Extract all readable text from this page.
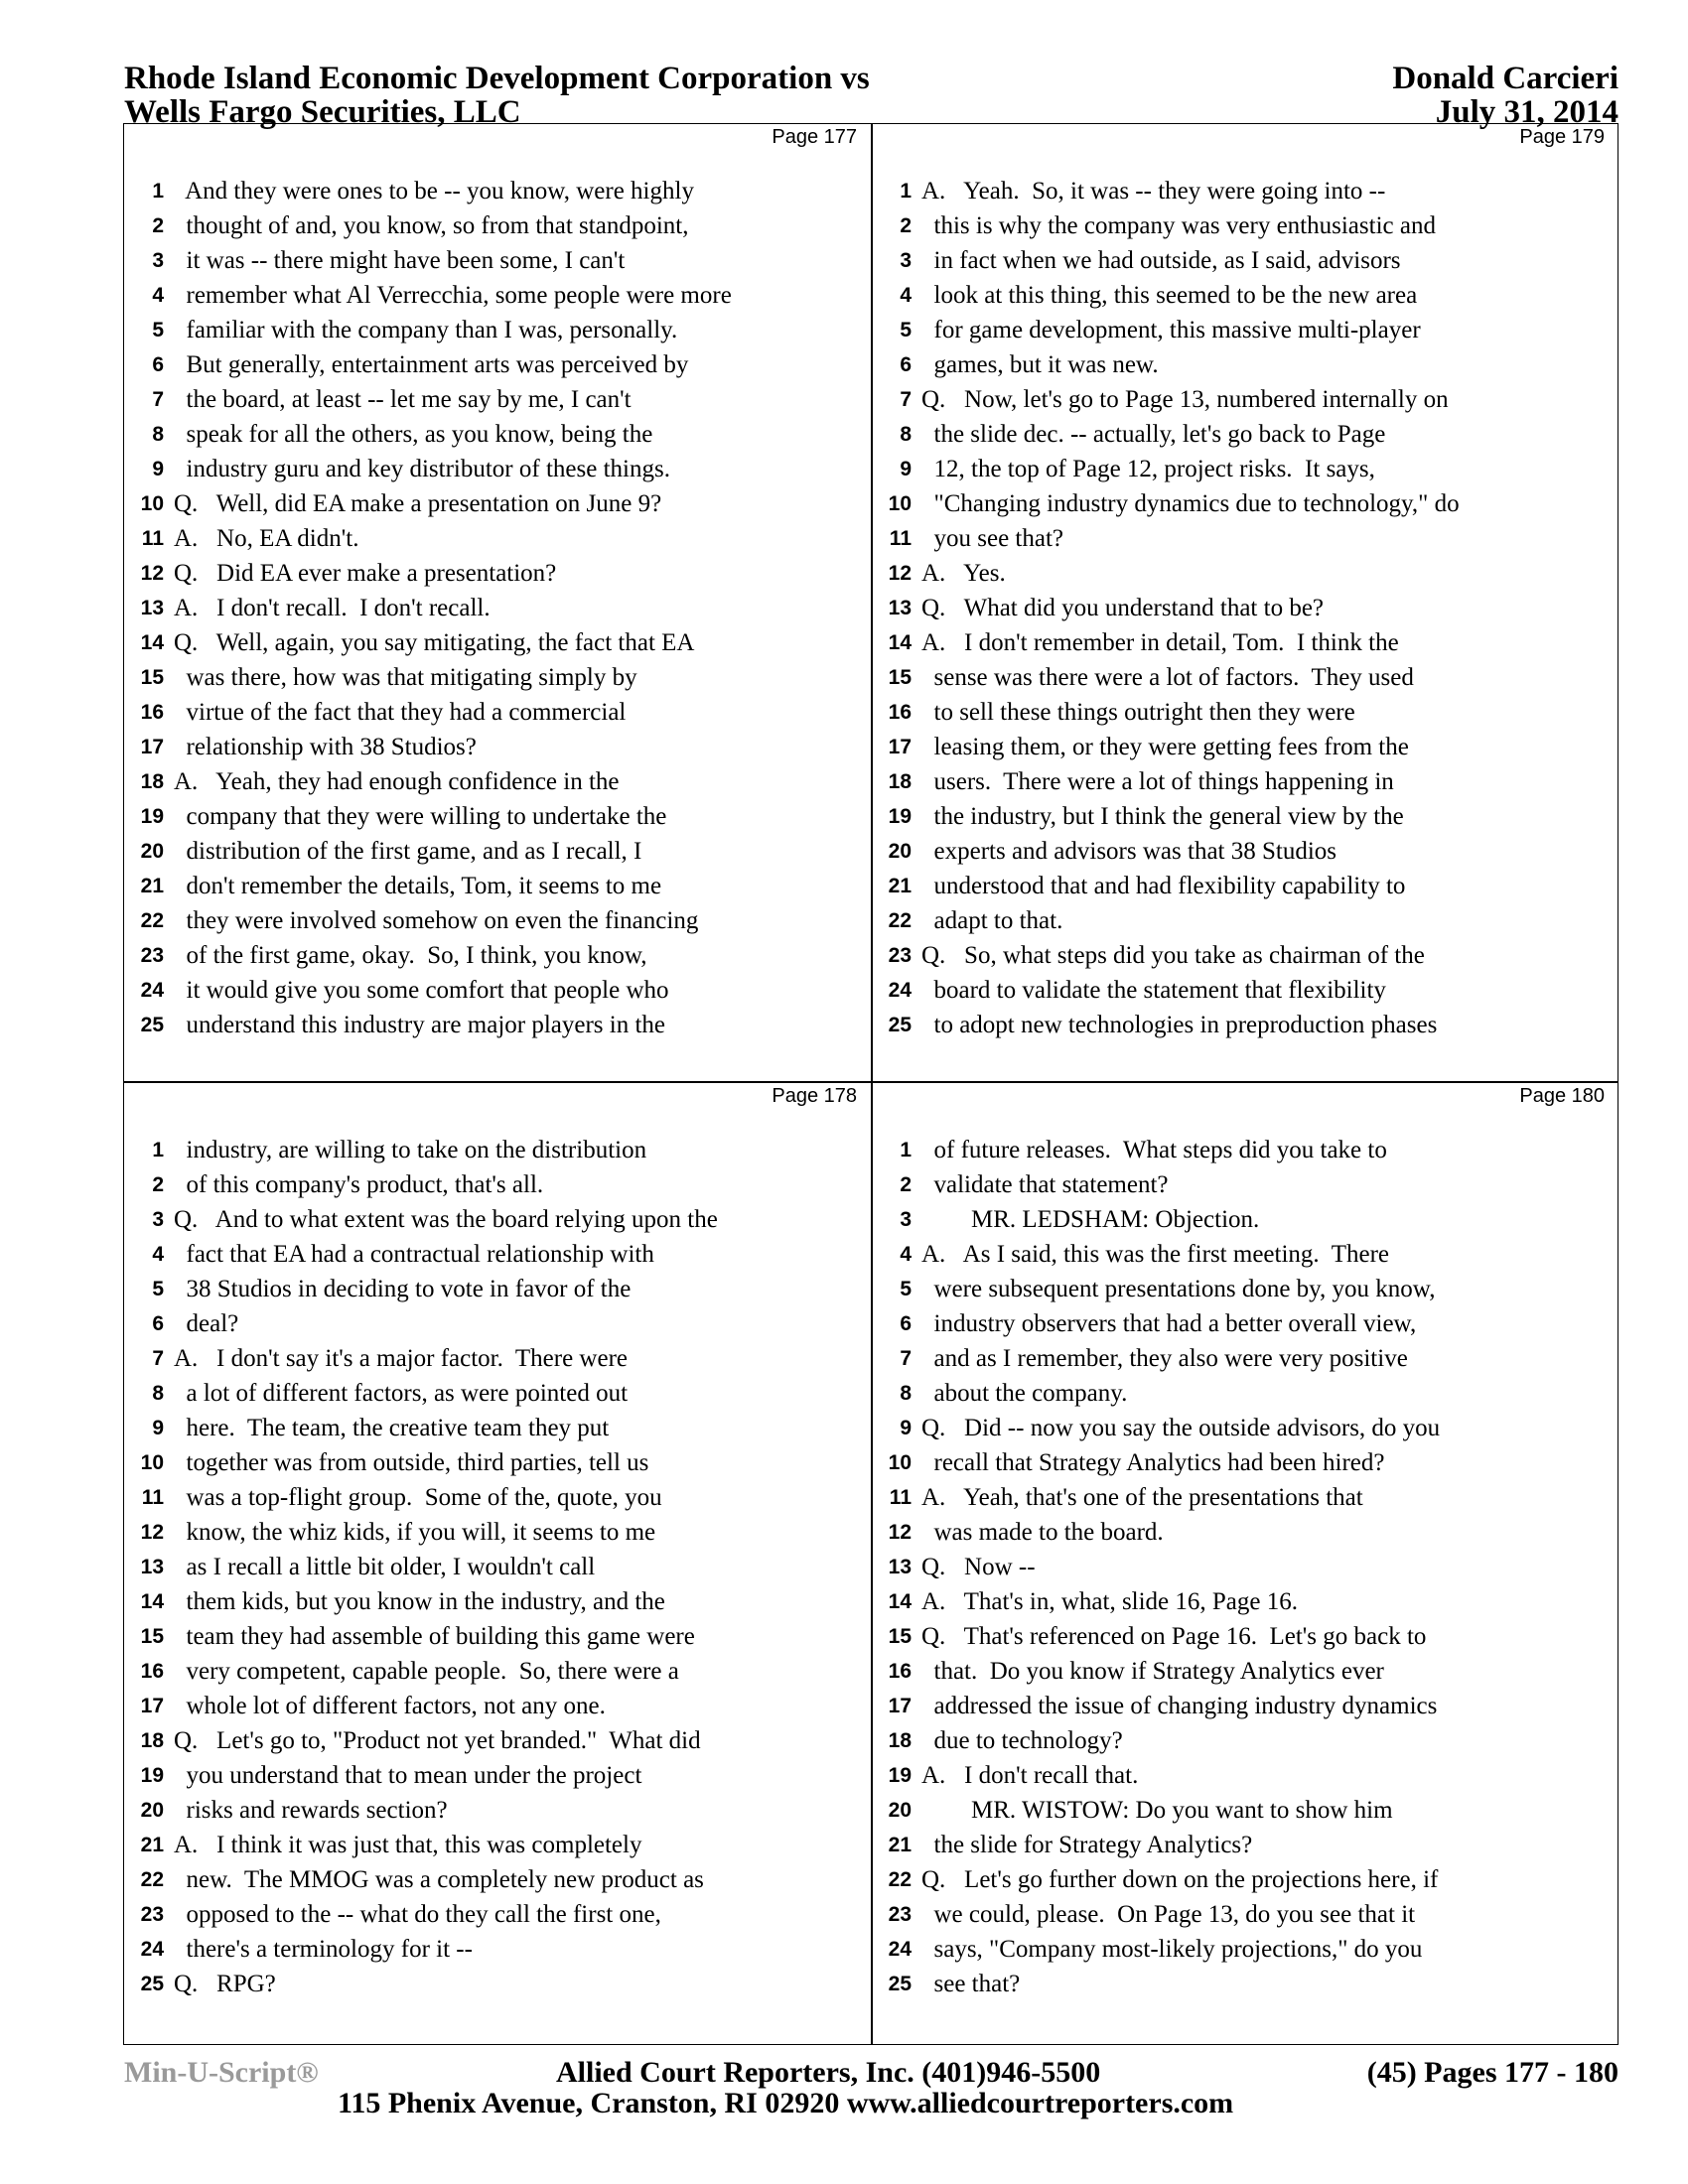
Rhode Island Economic Development Corporation vs
Wells Fargo Securities, LLC
Donald Carcieri
July 31, 2014
Page 177
1 And they were ones to be -- you know, were highly
2 thought of and, you know, so from that standpoint,
3 it was -- there might have been some, I can't
4 remember what Al Verrecchia, some people were more
5 familiar with the company than I was, personally.
6 But generally, entertainment arts was perceived by
7 the board, at least -- let me say by me, I can't
8 speak for all the others, as you know, being the
9 industry guru and key distributor of these things.
10 Q.   Well, did EA make a presentation on June 9?
11 A.   No, EA didn't.
12 Q.   Did EA ever make a presentation?
13 A.   I don't recall.  I don't recall.
14 Q.   Well, again, you say mitigating, the fact that EA
15 was there, how was that mitigating simply by
16 virtue of the fact that they had a commercial
17 relationship with 38 Studios?
18 A.   Yeah, they had enough confidence in the
19 company that they were willing to undertake the
20 distribution of the first game, and as I recall, I
21 don't remember the details, Tom, it seems to me
22 they were involved somehow on even the financing
23 of the first game, okay.  So, I think, you know,
24 it would give you some comfort that people who
25 understand this industry are major players in the
Page 179
1 A.   Yeah.  So, it was -- they were going into --
2 this is why the company was very enthusiastic and
3 in fact when we had outside, as I said, advisors
4 look at this thing, this seemed to be the new area
5 for game development, this massive multi-player
6 games, but it was new.
7 Q.   Now, let's go to Page 13, numbered internally on
8 the slide dec. -- actually, let's go back to Page
9 12, the top of Page 12, project risks.  It says,
10 "Changing industry dynamics due to technology," do
11 you see that?
12 A.   Yes.
13 Q.   What did you understand that to be?
14 A.   I don't remember in detail, Tom.  I think the
15 sense was there were a lot of factors.  They used
16 to sell these things outright then they were
17 leasing them, or they were getting fees from the
18 users.  There were a lot of things happening in
19 the industry, but I think the general view by the
20 experts and advisors was that 38 Studios
21 understood that and had flexibility capability to
22 adapt to that.
23 Q.   So, what steps did you take as chairman of the
24 board to validate the statement that flexibility
25 to adopt new technologies in preproduction phases
Page 178
1 industry, are willing to take on the distribution
2 of this company's product, that's all.
3 Q.   And to what extent was the board relying upon the
4 fact that EA had a contractual relationship with
5 38 Studios in deciding to vote in favor of the
6 deal?
7 A.   I don't say it's a major factor.  There were
8 a lot of different factors, as were pointed out
9 here.  The team, the creative team they put
10 together was from outside, third parties, tell us
11 was a top-flight group.  Some of the, quote, you
12 know, the whiz kids, if you will, it seems to me
13 as I recall a little bit older, I wouldn't call
14 them kids, but you know in the industry, and the
15 team they had assemble of building this game were
16 very competent, capable people.  So, there were a
17 whole lot of different factors, not any one.
18 Q.   Let's go to, "Product not yet branded."  What did
19 you understand that to mean under the project
20 risks and rewards section?
21 A.   I think it was just that, this was completely
22 new.  The MMOG was a completely new product as
23 opposed to the -- what do they call the first one,
24 there's a terminology for it --
25 Q.   RPG?
Page 180
1 of future releases.  What steps did you take to
2 validate that statement?
3 MR. LEDSHAM: Objection.
4 A.   As I said, this was the first meeting.  There
5 were subsequent presentations done by, you know,
6 industry observers that had a better overall view,
7 and as I remember, they also were very positive
8 about the company.
9 Q.   Did -- now you say the outside advisors, do you
10 recall that Strategy Analytics had been hired?
11 A.   Yeah, that's one of the presentations that
12 was made to the board.
13 Q.   Now --
14 A.   That's in, what, slide 16, Page 16.
15 Q.   That's referenced on Page 16.  Let's go back to
16 that.  Do you know if Strategy Analytics ever
17 addressed the issue of changing industry dynamics
18 due to technology?
19 A.   I don't recall that.
20 MR. WISTOW: Do you want to show him
21 the slide for Strategy Analytics?
22 Q.   Let's go further down on the projections here, if
23 we could, please.  On Page 13, do you see that it
24 says, "Company most-likely projections," do you
25 see that?
Min-U-Script®	Allied Court Reporters, Inc. (401)946-5500	(45) Pages 177 - 180
115 Phenix Avenue, Cranston, RI 02920 www.alliedcourtreporters.com
